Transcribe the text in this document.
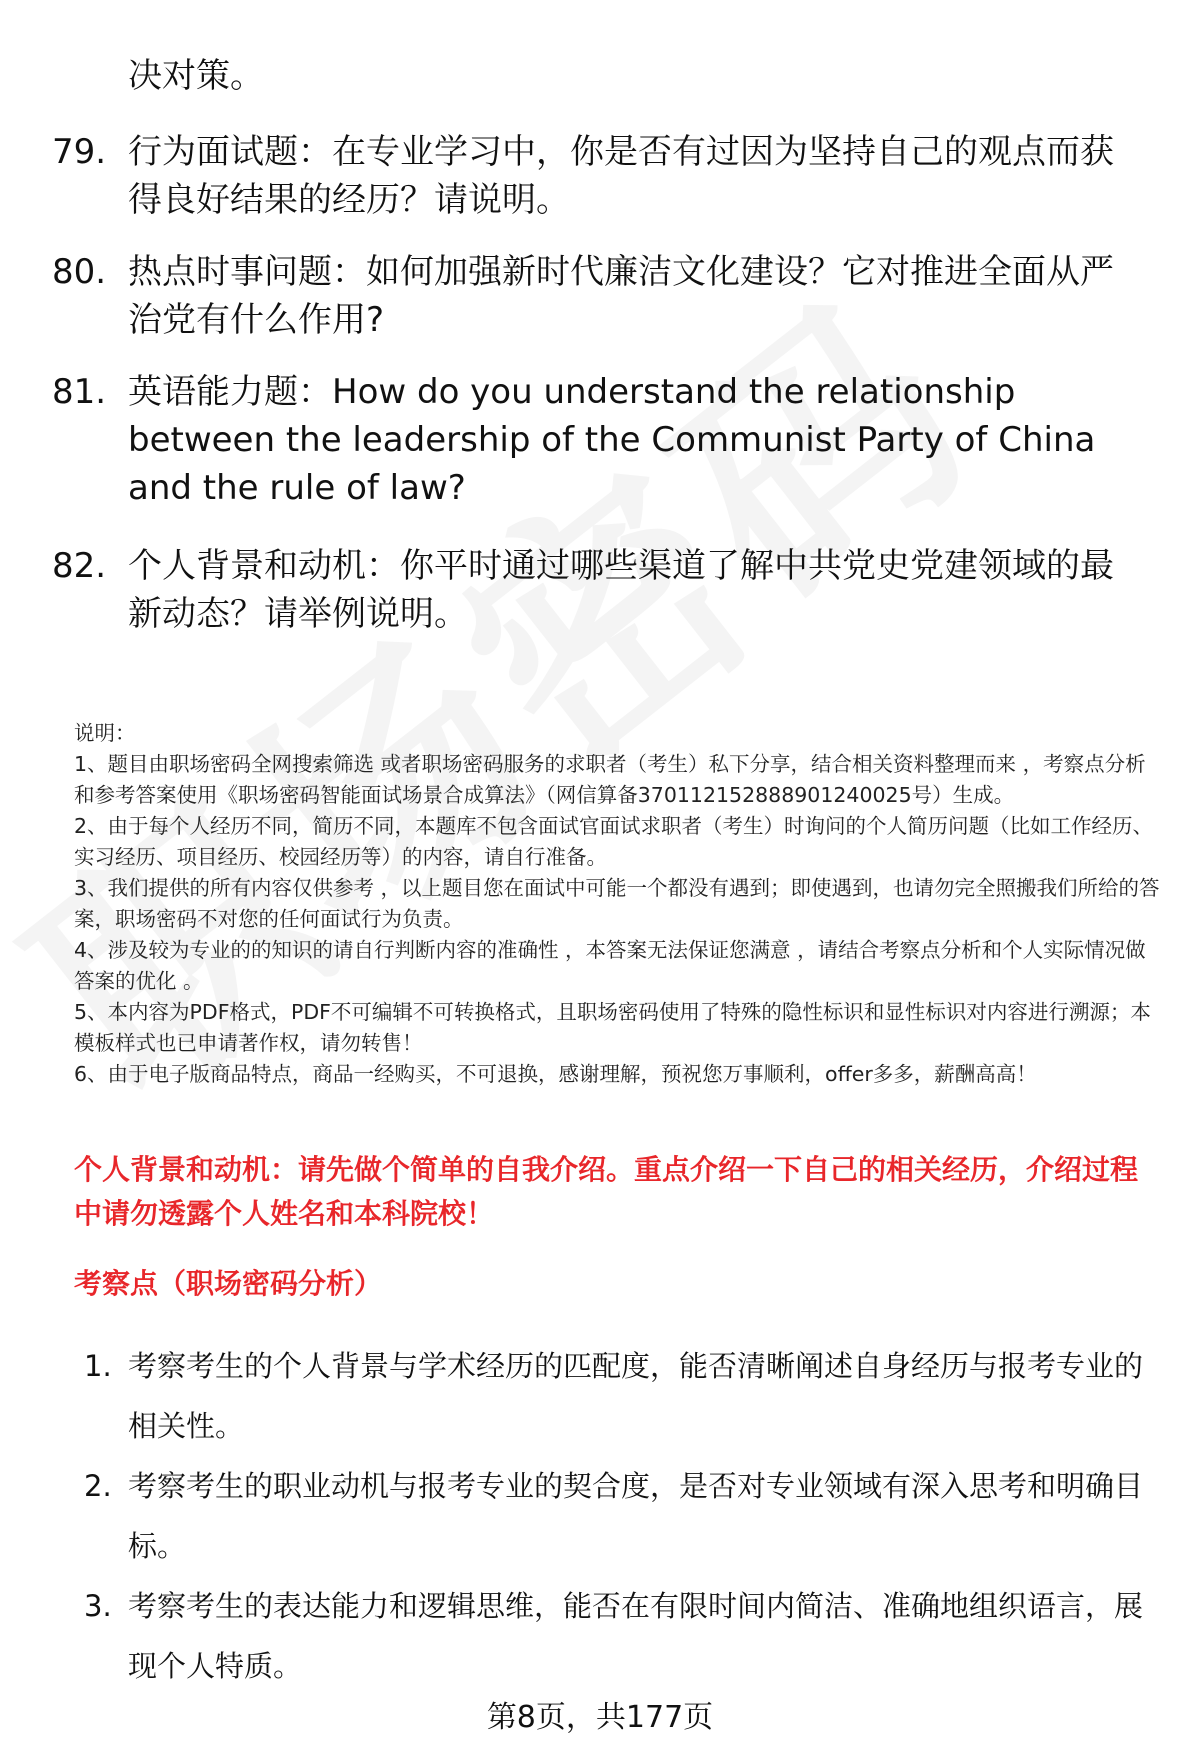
决对策。
79. 行为面试题：在专业学习中，你是否有过因为坚持自己的观点而获得良好结果的经历？请说明。
80. 热点时事问题：如何加强新时代廉洁文化建设？它对推进全面从严治党有什么作用?
81. 英语能力题：How do you understand the relationship between the leadership of the Communist Party of China and the rule of law?
82. 个人背景和动机：你平时通过哪些渠道了解中共党史党建领域的最新动态？请举例说明。

说明：

1、题目由职场密码全网搜索筛选 或者职场密码服务的求职者（考生）私下分享，结合相关资料整理而来 ，考察点分析和参考答案使用《职场密码智能面试场景合成算法》（网信算备370112152888901240025号）生成。

2、由于每个人经历不同，简历不同，本题库不包含面试官面试求职者（考生）时询问的个人简历问题（比如工作经历、实习经历、项目经历、校园经历等）的内容，请自行准备。

3、我们提供的所有内容仅供参考 ，以上题目您在面试中可能一个都没有遇到；即使遇到，也请勿完全照搬我们所给的答案，职场密码不对您的任何面试行为负责。

4、涉及较为专业的的知识的请自行判断内容的准确性 ，本答案无法保证您满意 ，请结合考察点分析和个人实际情况做答案的优化 。

5、本内容为PDF格式，PDF不可编辑不可转换格式，且职场密码使用了特殊的隐性标识和显性标识对内容进行溯源；本模板样式也已申请著作权，请勿转售！

6、由于电子版商品特点，商品一经购买，不可退换，感谢理解，预祝您万事顺利，offer多多，薪酬高高！

个人背景和动机：请先做个简单的自我介绍。重点介绍一下自己的相关经历，介绍过程中请勿透露个人姓名和本科院校！
考察点（职场密码分析）
1. 考察考生的个人背景与学术经历的匹配度，能否清晰阐述自身经历与报考专业的相关性。
2. 考察考生的职业动机与报考专业的契合度，是否对专业领域有深入思考和明确目标。
3. 考察考生的表达能力和逻辑思维，能否在有限时间内简洁、准确地组织语言，展现个人特质。
第8页，共177页
